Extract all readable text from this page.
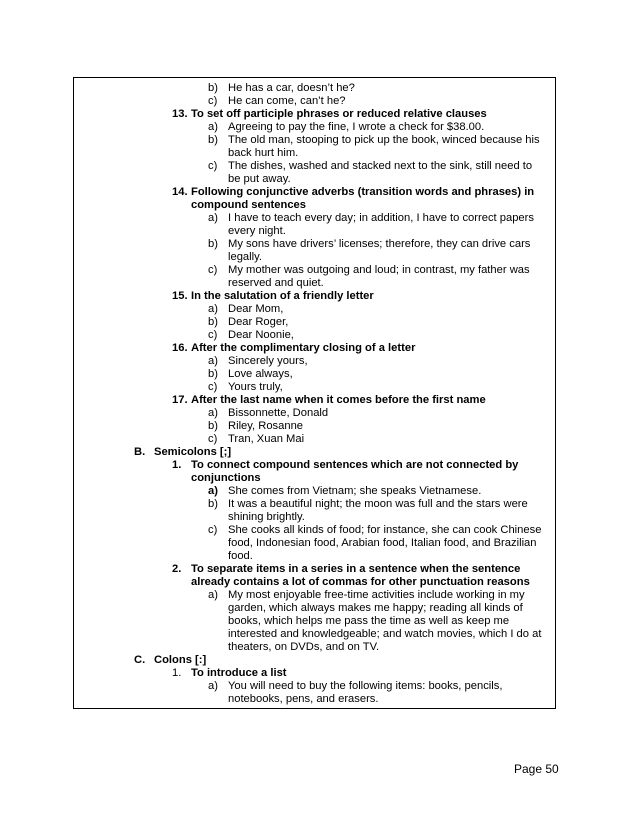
b) He has a car, doesn’t he?
c) He can come, can’t he?
13. To set off participle phrases or reduced relative clauses
a) Agreeing to pay the fine, I wrote a check for $38.00.
b) The old man, stooping to pick up the book, winced because his
back hurt him.
c) The dishes, washed and stacked next to the sink, still need to
be put away.
14. Following conjunctive adverbs (transition words and phrases) in
compound sentences
a) I have to teach every day; in addition, I have to correct papers
every night.
b) My sons have drivers’ licenses; therefore, they can drive cars
legally.
c) My mother was outgoing and loud; in contrast, my father was
reserved and quiet.
15. In the salutation of a friendly letter
a) Dear Mom,
b) Dear Roger,
c) Dear Noonie,
16. After the complimentary closing of a letter
a) Sincerely yours,
b) Love always,
c) Yours truly,
17. After the last name when it comes before the first name
a) Bissonnette, Donald
b) Riley, Rosanne
c) Tran, Xuan Mai
B. Semicolons [;]
1. To connect compound sentences which are not connected by
conjunctions
a) She comes from Vietnam; she speaks Vietnamese.
b) It was a beautiful night; the moon was full and the stars were
shining brightly.
c) She cooks all kinds of food; for instance, she can cook Chinese
food, Indonesian food, Arabian food, Italian food, and Brazilian
food.
2. To separate items in a series in a sentence when the sentence
already contains a lot of commas for other punctuation reasons
a) My most enjoyable free-time activities include working in my
garden, which always makes me happy; reading all kinds of
books, which helps me pass the time as well as keep me
interested and knowledgeable; and watch movies, which I do at
theaters, on DVDs, and on TV.
C. Colons [:]
1. To introduce a list
a) You will need to buy the following items: books, pencils,
notebooks, pens, and erasers.
Page 50
